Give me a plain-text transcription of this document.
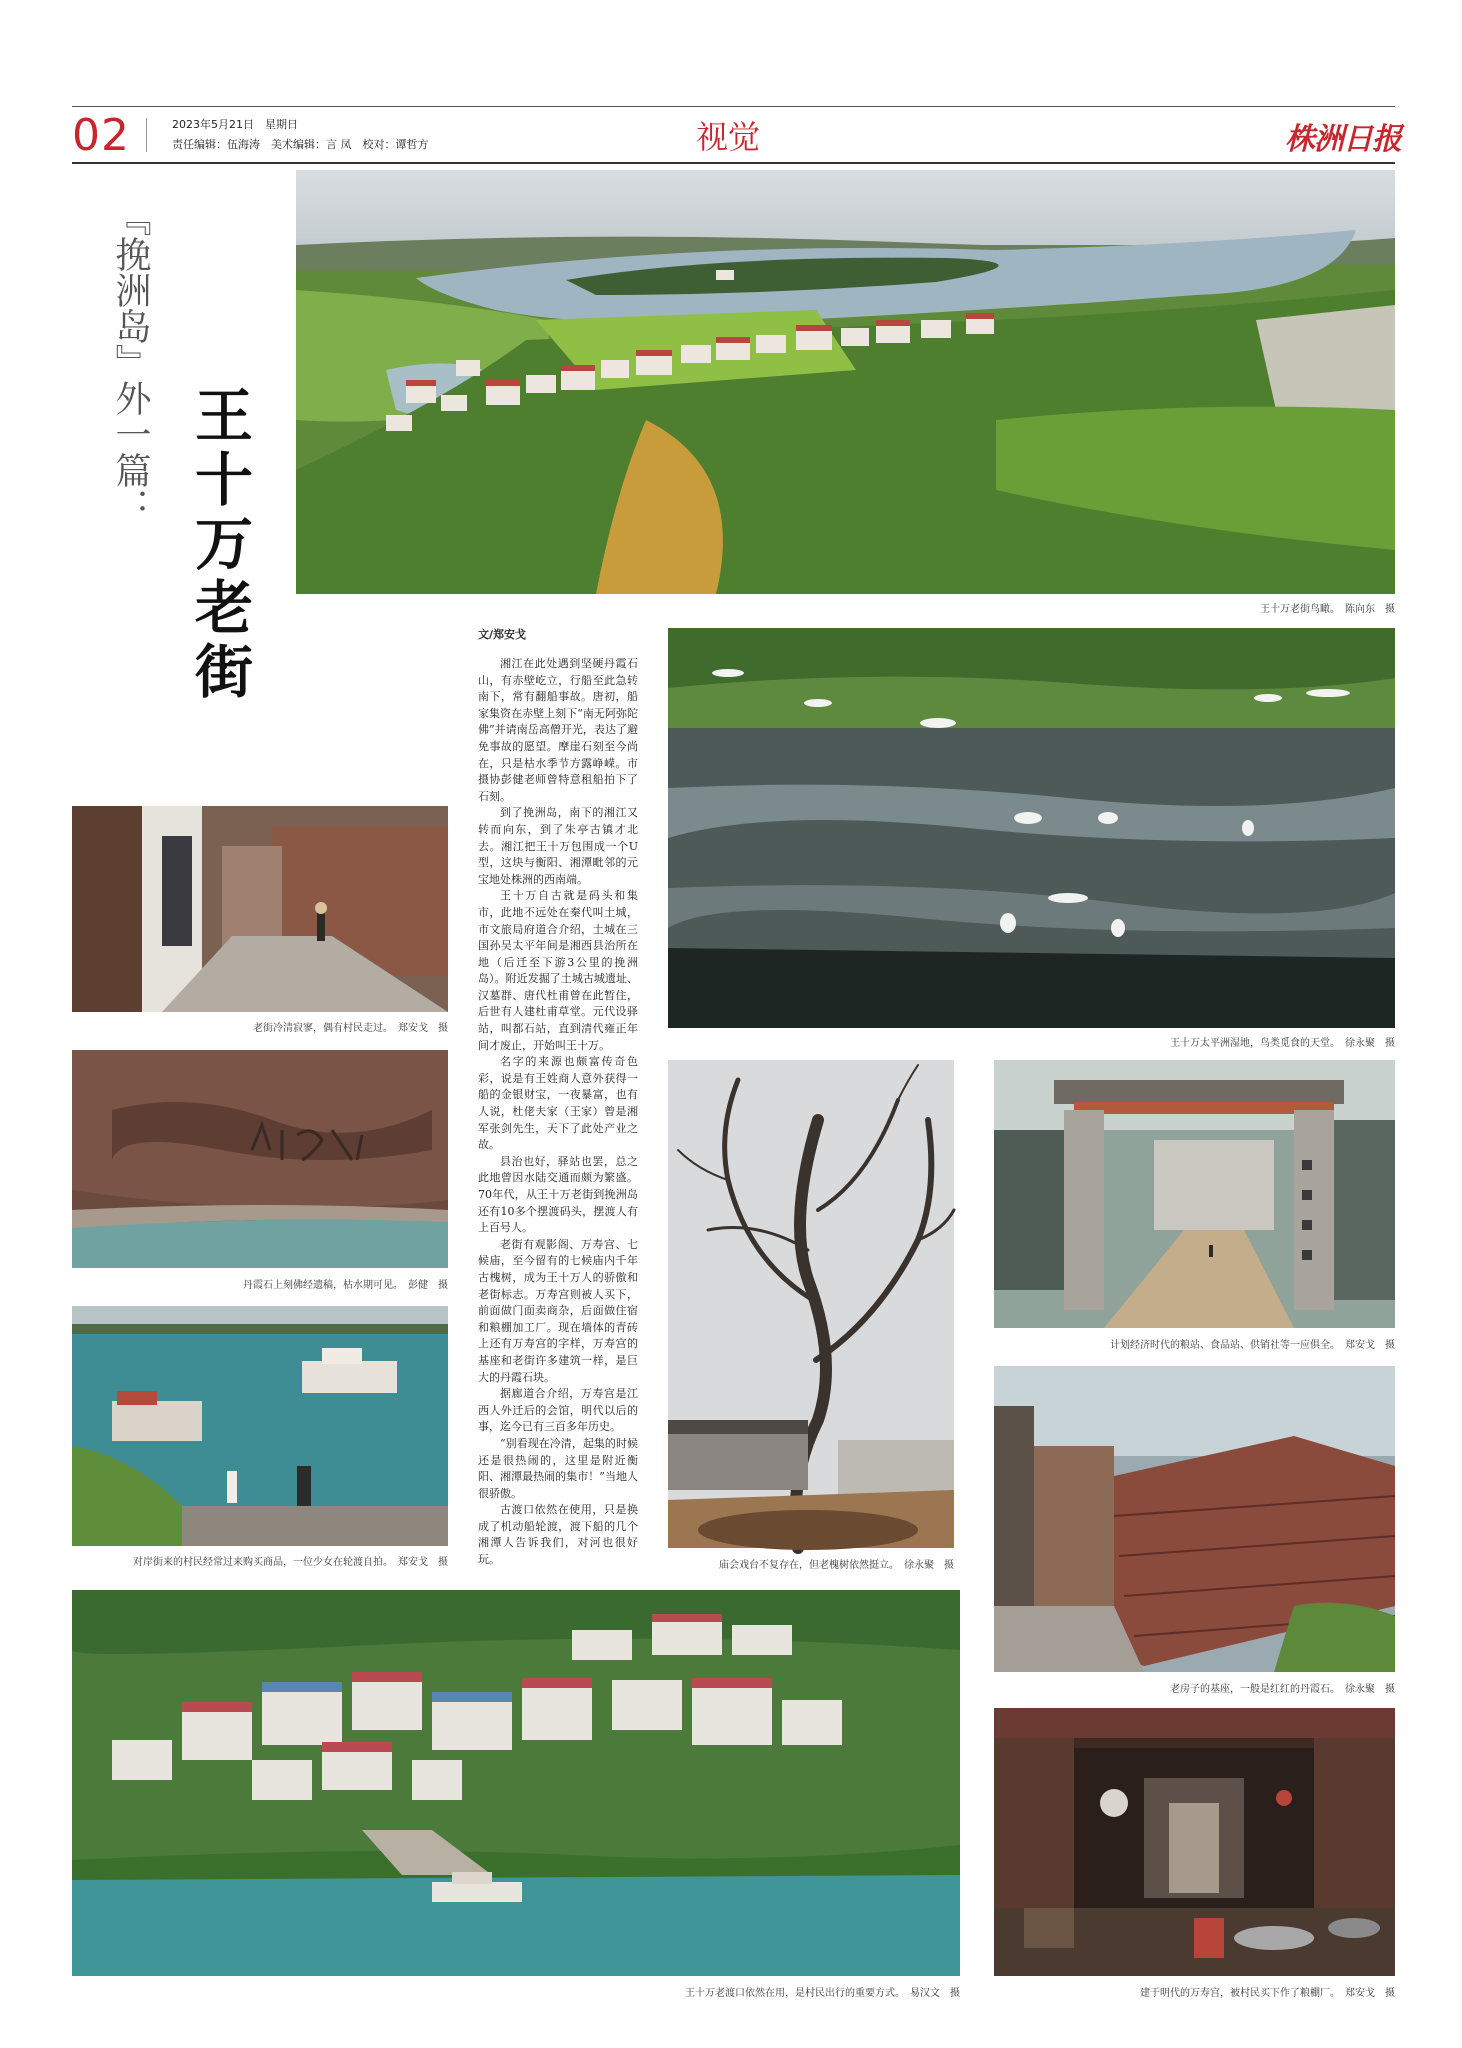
02	2023年5月21日　星期日
责任编辑：伍海涛　美术编辑：言 凤　校对：谭哲方	视觉	株洲日报
『挽洲岛』外一篇：
王十万老街	王十万老街鸟瞰。　陈向东　摄
文/郑安戈

湘江在此处遇到坚硬丹霞石山，有赤壁屹立，行船至此急转南下，常有翻船事故。唐初，船家集资在赤壁上刻下“南无阿弥陀佛”并请南岳高僧开光，表达了避免事故的愿望。摩崖石刻至今尚在，只是枯水季节方露峥嵘。市摄协彭健老师曾特意租船拍下了石刻。

到了挽洲岛，南下的湘江又转而向东，到了朱亭古镇才北去。湘江把王十万包围成一个U型，这块与衡阳、湘潭毗邻的元宝地处株洲的西南端。

王十万自古就是码头和集市，此地不远处在秦代叫土城，市文旅局府道合介绍，土城在三国孙吴太平年间是湘西县治所在地（后迁至下游3公里的挽洲岛）。附近发掘了土城古城遗址、汉墓群、唐代杜甫曾在此暂住，后世有人建杜甫草堂。元代设驿站，叫都石站，直到清代雍正年间才废止，开始叫王十万。

名字的来源也颇富传奇色彩，说是有王姓商人意外获得一船的金银财宝，一夜暴富，也有人说，杜佬夫家（王家）曾是湘军张剑先生，天下了此处产业之故。

县治也好，驿站也罢，总之此地曾因水陆交通而颇为繁盛。70年代，从王十万老街到挽洲岛还有10多个摆渡码头，摆渡人有上百号人。

老街有观影阁、万寿宫、七候庙，至今留有的七候庙内千年古槐树，成为王十万人的骄傲和老街标志。万寿宫则被人买下，前面做门面卖商杂，后面做住宿和粮棚加工厂。现在墙体的青砖上还有万寿宫的字样，万寿宫的基座和老街许多建筑一样，是巨大的丹霞石块。

据廊道合介绍，万寿宫是江西人外迁后的会馆，明代以后的事，迄今已有三百多年历史。

“别看现在冷清，起集的时候还是很热闹的，这里是附近衡阳、湘潭最热闹的集市！”当地人很骄傲。

古渡口依然在使用，只是换成了机动船轮渡，渡下船的几个湘潭人告诉我们，对河也很好玩。

王十万太平洲湿地，鸟类觅食的天堂。　徐永聚　摄
老街冷清寂寥，偶有村民走过。　郑安戈　摄
丹霞石上刻佛经遗稿，枯水期可见。　彭健　摄
对岸街来的村民经常过来购买商品，一位少女在轮渡自拍。　郑安戈　摄	庙会戏台不复存在，但老槐树依然挺立。　徐永聚　摄
计划经济时代的粮站、食品站、供销社等一应俱全。　郑安戈　摄
老房子的基座，一般是红红的丹霞石。　徐永聚　摄
王十万老渡口依然在用，是村民出行的重要方式。　易汉文　摄	建于明代的万寿宫，被村民买下作了粮棚厂。　郑安戈　摄
